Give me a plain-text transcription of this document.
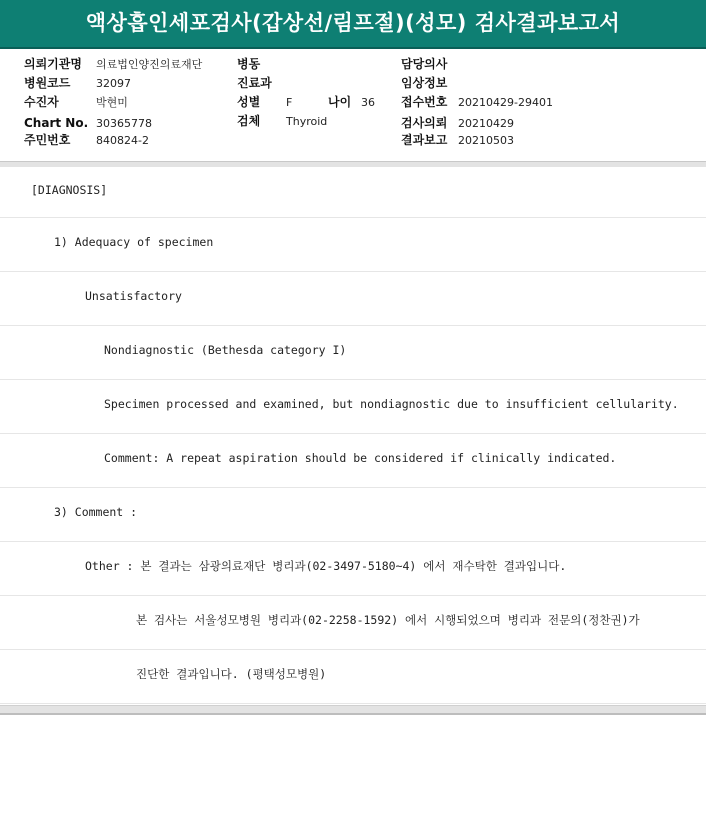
액상흡인세포검사(갑상선/림프절)(성모) 검사결과보고서
의뢰기관명 의료법인양진의료재단
병원코드 32097
수진자	박현미
Chart No. 30365778
주민번호 840824-2
병동
진료과
성별 F	나이 36
검체 Thyroid
담당의사
임상정보
접수번호 20210429-29401
검사의뢰 20210429
결과보고 20210503
[DIAGNOSIS]
1) Adequacy of specimen
Unsatisfactory
Nondiagnostic (Bethesda category I)
Specimen processed and examined, but nondiagnostic due to insufficient cellularity.
Comment: A repeat aspiration should be considered if clinically indicated.
3) Comment :
Other : 본 결과는 삼광의료재단 병리과(02-3497-5180~4) 에서 재수탁한 결과입니다.
본 검사는 서울성모병원 병리과(02-2258-1592) 에서 시행되었으며 병리과 전문의(정찬권)가
진단한 결과입니다. (평택성모병원)
